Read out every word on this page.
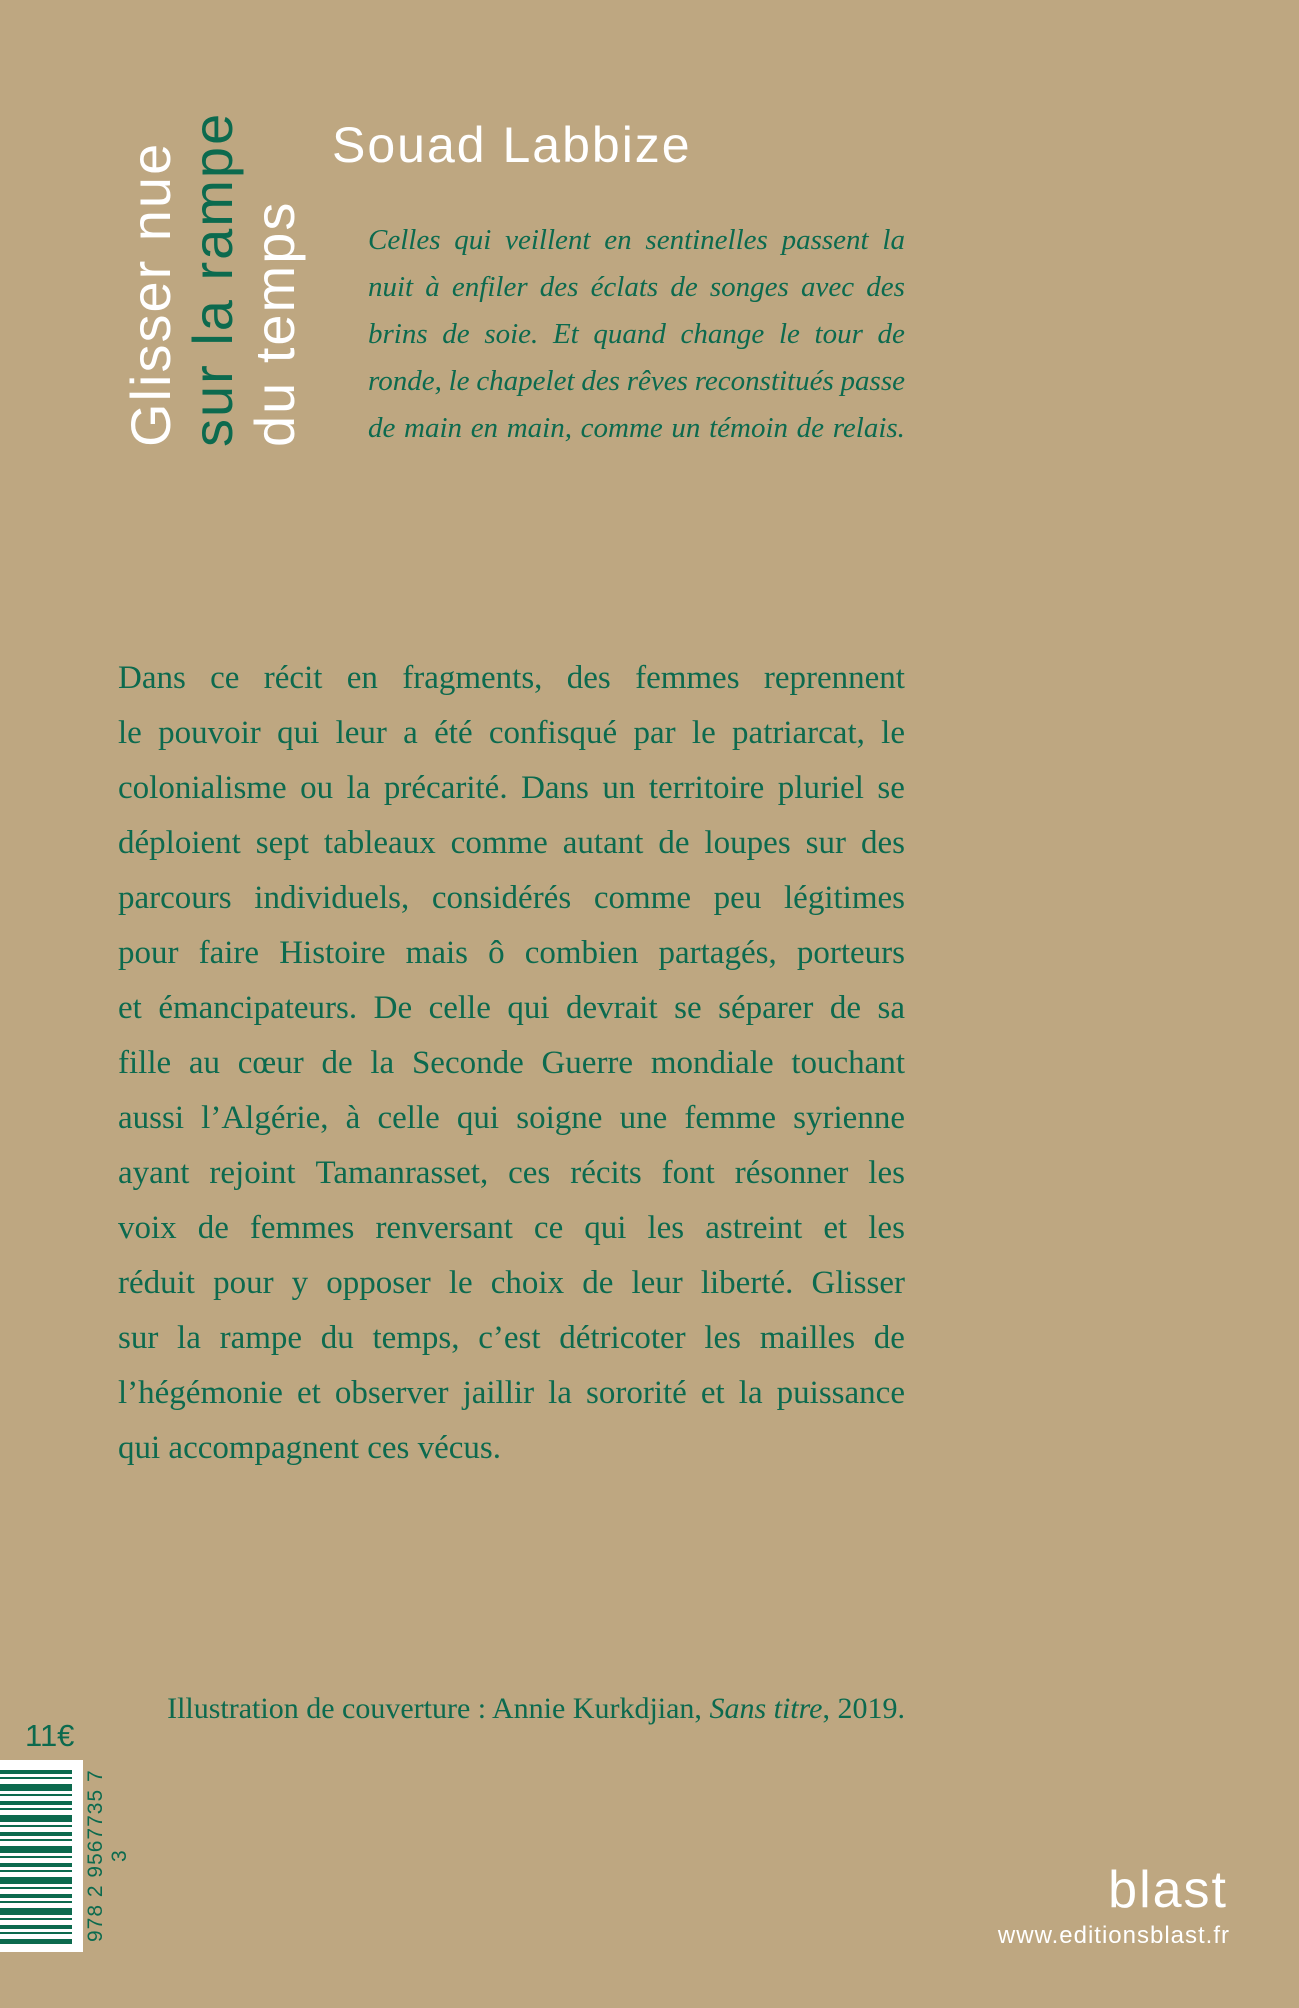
Glisser nue sur la rampe du temps
Souad Labbize
Celles qui veillent en sentinelles passent la
nuit à enfiler des éclats de songes avec des
brins de soie. Et quand change le tour de
ronde, le chapelet des rêves reconstitués passe
de main en main, comme un témoin de relais.
Dans ce récit en fragments, des femmes reprennent
le pouvoir qui leur a été confisqué par le patriarcat, le
colonialisme ou la précarité. Dans un territoire pluriel se
déploient sept tableaux comme autant de loupes sur des
parcours individuels, considérés comme peu légitimes
pour faire Histoire mais ô combien partagés, porteurs
et émancipateurs. De celle qui devrait se séparer de sa
fille au cœur de la Seconde Guerre mondiale touchant
aussi l’Algérie, à celle qui soigne une femme syrienne
ayant rejoint Tamanrasset, ces récits font résonner les
voix de femmes renversant ce qui les astreint et les
réduit pour y opposer le choix de leur liberté. Glisser
sur la rampe du temps, c’est détricoter les mailles de
l’hégémonie et observer jaillir la sororité et la puissance
qui accompagnent ces vécus.
Illustration de couverture : Annie Kurkdjian, Sans titre, 2019.
11€
978 2 9567735 7 3
blast
www.editionsblast.fr
